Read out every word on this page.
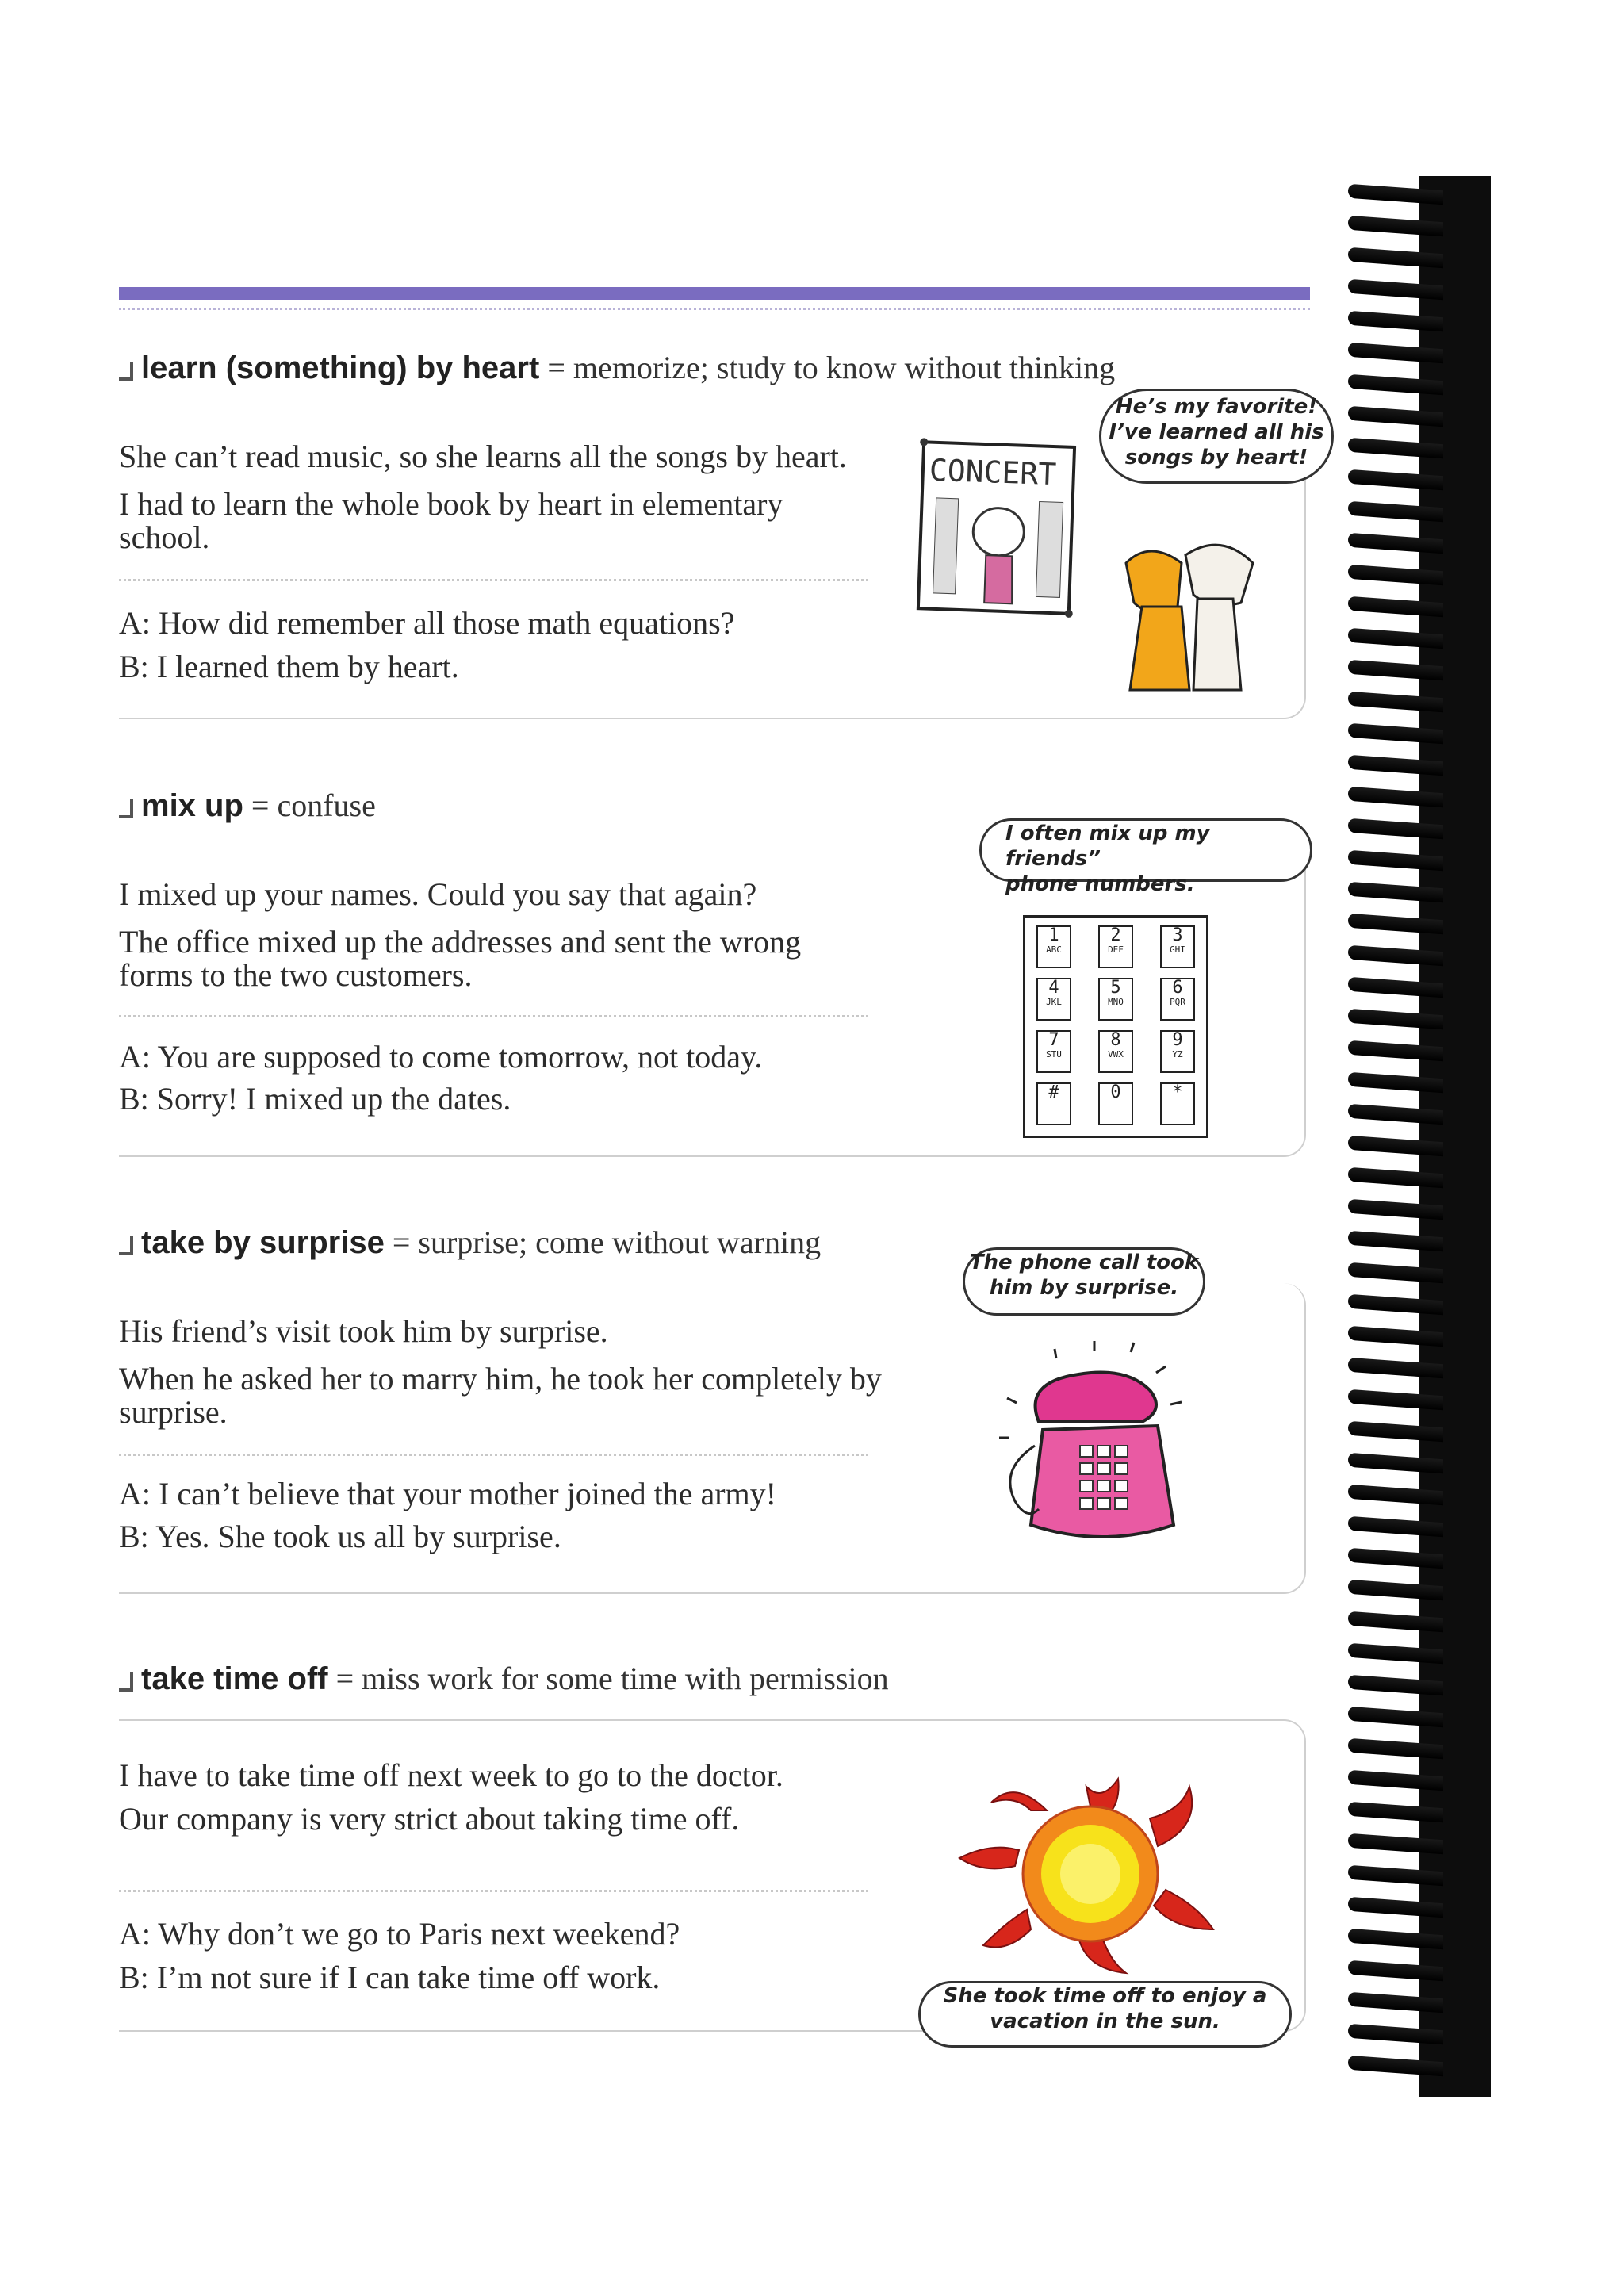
learn (something) by heart = memorize; study to know without thinking
She can’t read music, so she learns all the songs by heart.
I had to learn the whole book by heart in elementary
school.
A: How did remember all those math equations?
B: I learned them by heart.
CONCERT
He’s my favorite!
I’ve learned all his
songs by heart!
mix up = confuse
I mixed up your names. Could you say that again?
The office mixed up the addresses and sent the wrong
forms to the two customers.
A: You are supposed to come tomorrow, not today.
B: Sorry! I mixed up the dates.
I often mix up my friends”
phone numbers.
1
ABC
2
DEF
3
GHI
4
JKL
5
MNO
6
PQR
7
STU
8
VWX
9
YZ
#	0	*
take by surprise = surprise; come without warning
His friend’s visit took him by surprise.
When he asked her to marry him, he took her completely by
surprise.
A: I can’t believe that your mother joined the army!
B: Yes. She took us all by surprise.
The phone call took
him by surprise.
take time off = miss work for some time with permission
I have to take time off next week to go to the doctor.
Our company is very strict about taking time off.
A: Why don’t we go to Paris next weekend?
B: I’m not sure if I can take time off work.
She took time off to enjoy a
vacation in the sun.
